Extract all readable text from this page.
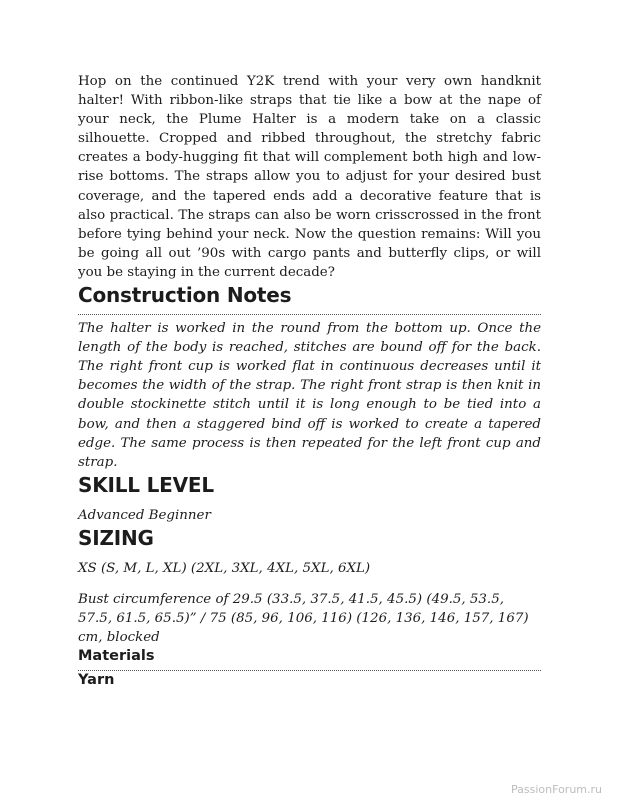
Hop on the continued Y2K trend with your very own handknit halter! With ribbon-like straps that tie like a bow at the nape of your neck, the Plume Halter is a modern take on a classic silhouette. Cropped and ribbed throughout, the stretchy fabric creates a body-hugging fit that will complement both high and low-rise bottoms. The straps allow you to adjust for your desired bust coverage, and the tapered ends add a decorative feature that is also practical. The straps can also be worn crisscrossed in the front before tying behind your neck. Now the question remains: Will you be going all out ’90s with cargo pants and butterfly clips, or will you be staying in the current decade?

Construction Notes

The halter is worked in the round from the bottom up. Once the length of the body is reached, stitches are bound off for the back. The right front cup is worked flat in continuous decreases until it becomes the width of the strap. The right front strap is then knit in double stockinette stitch until it is long enough to be tied into a bow, and then a staggered bind off is worked to create a tapered edge. The same process is then repeated for the left front cup and strap.

SKILL LEVEL

Advanced Beginner

SIZING

XS (S, M, L, XL) (2XL, 3XL, 4XL, 5XL, 6XL)

Bust circumference of 29.5 (33.5, 37.5, 41.5, 45.5) (49.5, 53.5, 57.5, 61.5, 65.5)” / 75 (85, 96, 106, 116) (126, 136, 146, 157, 167) cm, blocked

Materials
Yarn
PassionForum.ru
